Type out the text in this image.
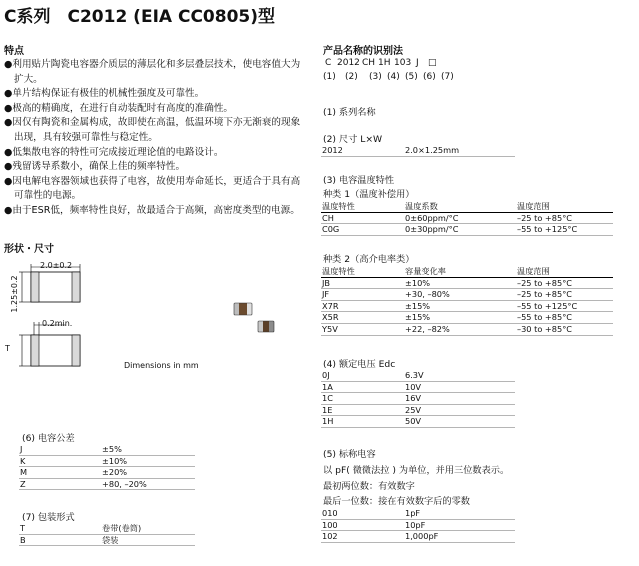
C系列　C2012 (EIA CC0805)型
特点
●利用贴片陶瓷电容器介质层的薄层化和多层叠层技术，使电容值大为扩大。
●单片结构保证有极佳的机械性强度及可靠性。
●极高的精确度，在进行自动装配时有高度的准确性。
●因仅有陶瓷和金属构成，故即使在高温，低温环境下亦无渐衰的现象出现，具有较强可靠性与稳定性。
●低集散电容的特性可完成接近理论值的电路设计。
●残留诱导系数小，确保上佳的频率特性。
●因电解电容器领域也获得了电容，故使用寿命延长，更适合于具有高可靠性的电源。
●由于ESR低，频率特性良好，故最适合于高频，高密度类型的电源。
形状・尺寸
2.0±0.2
1.25±0.2
0.2min.
T
Dimensions in mm
(6) 电容公差
J	±5%
K	±10%
M	±20%
Z	+80, –20%
(7) 包装形式
T	卷带(卷筒)
B	袋装
产品名称的识别法
C 2012 CH 1H 103 J □
(1) (2) (3) (4) (5) (6) (7)
(1) 系列名称
(2) 尺寸 L×W
2012	2.0×1.25mm
(3) 电容温度特性
种类 1（温度补偿用）
温度特性	温度系数	温度范围
CH	0±60ppm/°C	–25 to +85°C
C0G	0±30ppm/°C	–55 to +125°C
种类 2（高介电率类）
温度特性	容量变化率	温度范围
JB	±10%	–25 to +85°C
JF	+30, –80%	–25 to +85°C
X7R	±15%	–55 to +125°C
X5R	±15%	–55 to +85°C
Y5V	+22, –82%	–30 to +85°C
(4) 额定电压 Edc
0J	6.3V
1A	10V
1C	16V
1E	25V
1H	50V
(5) 标称电容
以 pF( 微微法拉 ) 为单位，并用三位数表示。
最初两位数：有效数字
最后一位数：接在有效数字后的零数
010	1pF
100	10pF
102	1,000pF
